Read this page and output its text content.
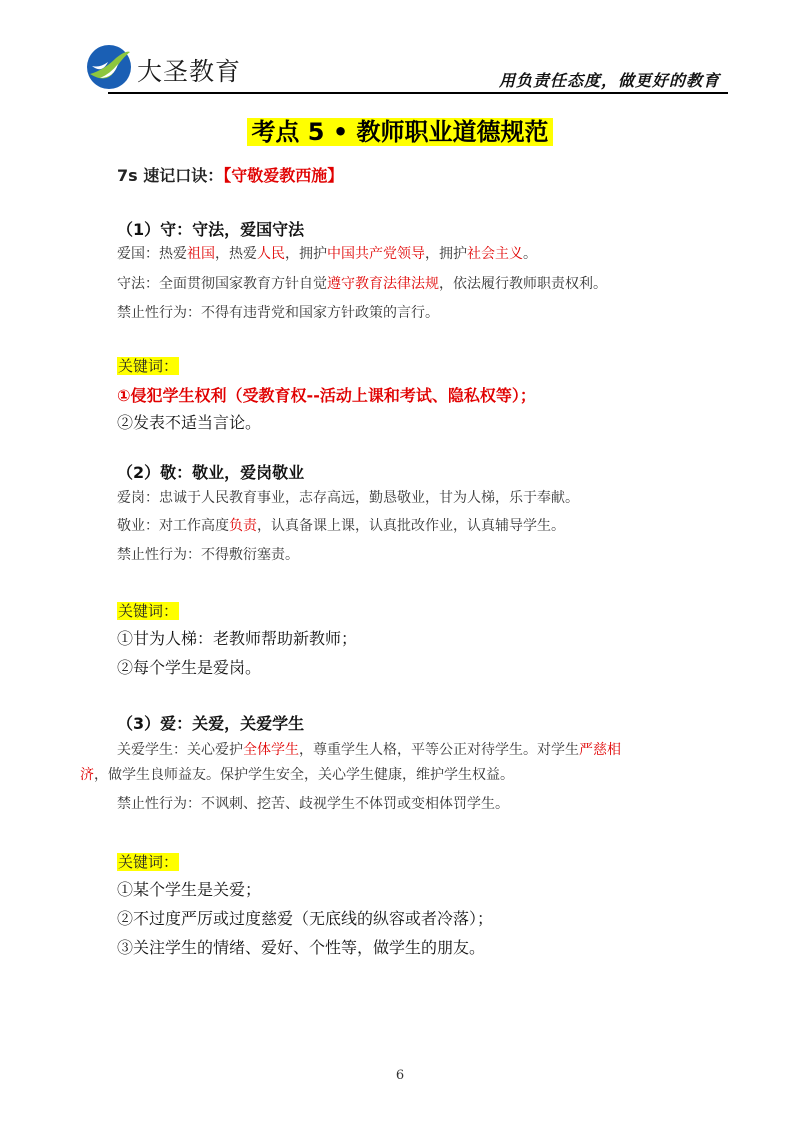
大圣教育	用负责任态度，做更好的教育
考点 5 • 教师职业道德规范
7s 速记口诀：【守敬爱教西施】
（1）守：守法，爱国守法
爱国：热爱祖国，热爱人民，拥护中国共产党领导，拥护社会主义。
守法：全面贯彻国家教育方针自觉遵守教育法律法规，依法履行教师职责权利。
禁止性行为：不得有违背党和国家方针政策的言行。
关键词：
①侵犯学生权利（受教育权--活动上课和考试、隐私权等）；
②发表不适当言论。
（2）敬：敬业，爱岗敬业
爱岗：忠诚于人民教育事业，志存高远，勤恳敬业，甘为人梯，乐于奉献。
敬业：对工作高度负责，认真备课上课，认真批改作业，认真辅导学生。
禁止性行为：不得敷衍塞责。
关键词：
①甘为人梯：老教师帮助新教师；
②每个学生是爱岗。
（3）爱：关爱，关爱学生
关爱学生：关心爱护全体学生，尊重学生人格，平等公正对待学生。对学生严慈相
济，做学生良师益友。保护学生安全，关心学生健康，维护学生权益。
禁止性行为：不讽刺、挖苦、歧视学生不体罚或变相体罚学生。
关键词：
①某个学生是关爱；
②不过度严厉或过度慈爱（无底线的纵容或者冷落）；
③关注学生的情绪、爱好、个性等，做学生的朋友。
6
